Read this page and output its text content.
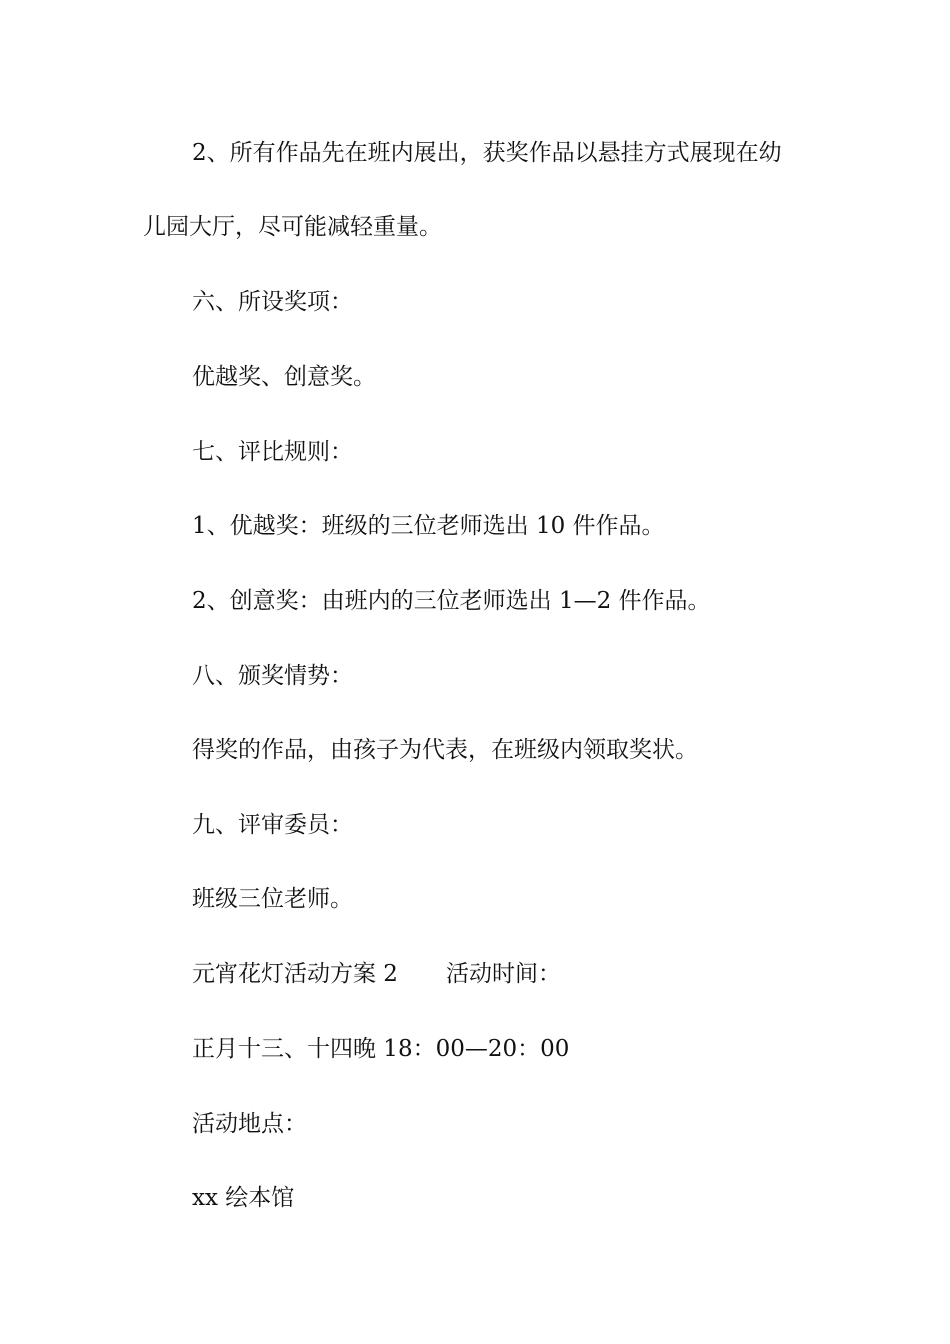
2、所有作品先在班内展出，获奖作品以悬挂方式展现在幼
儿园大厅，尽可能减轻重量。
六、所设奖项：
优越奖、创意奖。
七、评比规则：
1、优越奖：班级的三位老师选出 10 件作品。
2、创意奖：由班内的三位老师选出 1—2 件作品。
八、颁奖情势：
得奖的作品，由孩子为代表，在班级内领取奖状。
九、评审委员：
班级三位老师。
元宵花灯活动方案 2 活动时间：
正月十三、十四晚 18：00—20：00
活动地点：
xx 绘本馆
